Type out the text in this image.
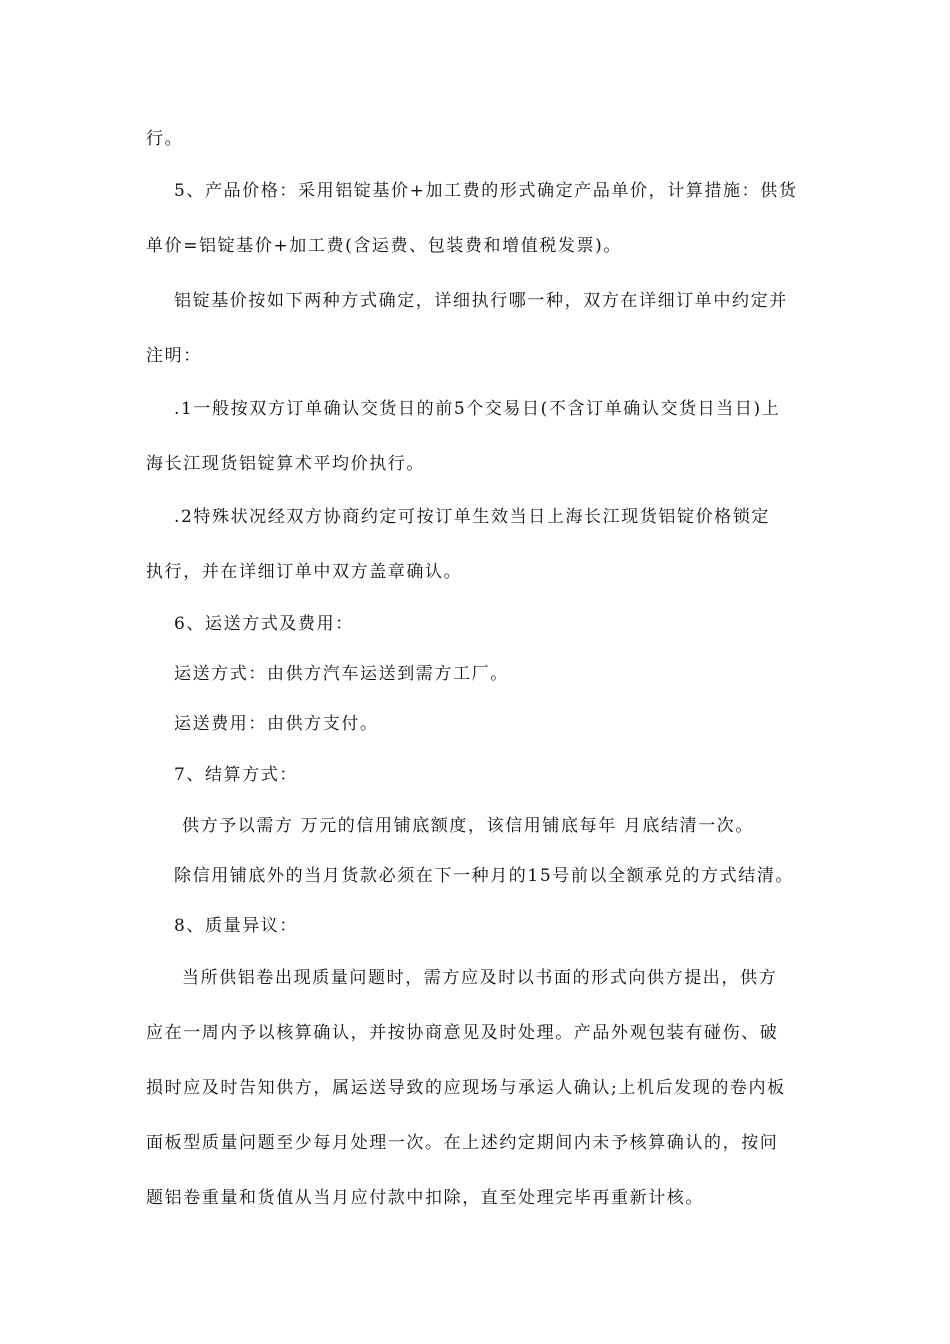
行。
5、产品价格：采用铝锭基价+加工费的形式确定产品单价，计算措施：供货
单价=铝锭基价+加工费(含运费、包装费和增值税发票)。
铝锭基价按如下两种方式确定，详细执行哪一种，双方在详细订单中约定并
注明：
.1一般按双方订单确认交货日的前5个交易日(不含订单确认交货日当日)上
海长江现货铝锭算术平均价执行。
.2特殊状况经双方协商约定可按订单生效当日上海长江现货铝锭价格锁定
执行，并在详细订单中双方盖章确认。
6、运送方式及费用：
运送方式：由供方汽车运送到需方工厂。
运送费用：由供方支付。
7、结算方式：
供方予以需方 万元的信用铺底额度，该信用铺底每年 月底结清一次。
除信用铺底外的当月货款必须在下一种月的15号前以全额承兑的方式结清。
8、质量异议：
当所供铝卷出现质量问题时，需方应及时以书面的形式向供方提出，供方
应在一周内予以核算确认，并按协商意见及时处理。产品外观包装有碰伤、破
损时应及时告知供方，属运送导致的应现场与承运人确认;上机后发现的卷内板
面板型质量问题至少每月处理一次。在上述约定期间内未予核算确认的，按问
题铝卷重量和货值从当月应付款中扣除，直至处理完毕再重新计核。
